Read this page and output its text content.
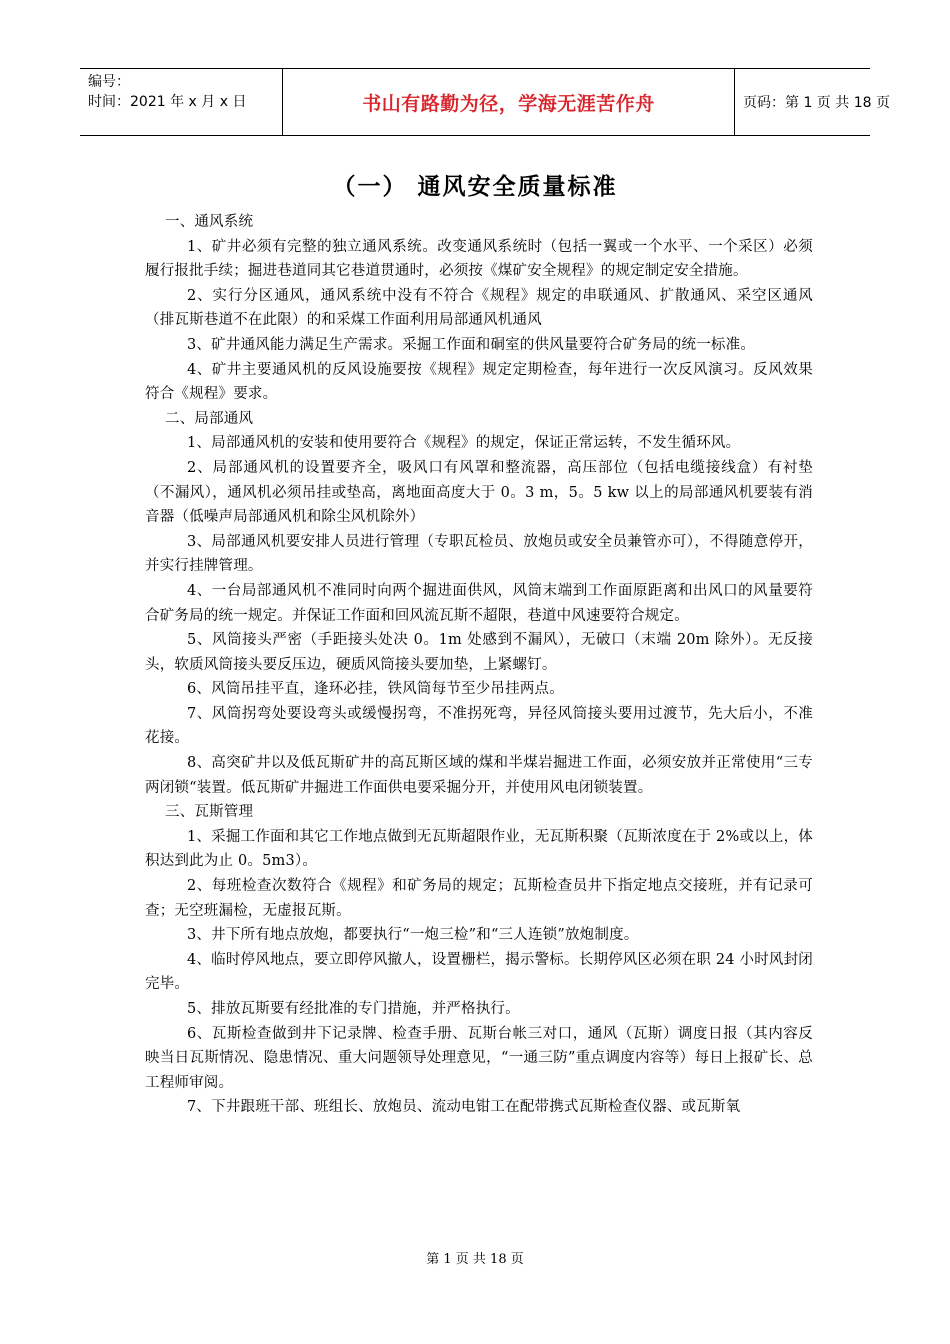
编号：
时间：2021 年 x 月 x 日	书山有路勤为径，学海无涯苦作舟	页码：第 1 页 共 18 页
（一） 通风安全质量标准

一、通风系统

1、矿井必须有完整的独立通风系统。改变通风系统时（包括一翼或一个水平、一个采区）必须履行报批手续；掘进巷道同其它巷道贯通时，必须按《煤矿安全规程》的规定制定安全措施。

2、实行分区通风，通风系统中没有不符合《规程》规定的串联通风、扩散通风、采空区通风（排瓦斯巷道不在此限）的和采煤工作面利用局部通风机通风

3、矿井通风能力满足生产需求。采掘工作面和硐室的供风量要符合矿务局的统一标准。

4、矿井主要通风机的反风设施要按《规程》规定定期检查，每年进行一次反风演习。反风效果符合《规程》要求。

二、局部通风

1、局部通风机的安装和使用要符合《规程》的规定，保证正常运转，不发生循环风。

2、局部通风机的设置要齐全，吸风口有风罩和整流器，高压部位（包括电缆接线盒）有衬垫（不漏风），通风机必须吊挂或垫高，离地面高度大于 0。3 m，5。5 kw 以上的局部通风机要装有消音器（低噪声局部通风机和除尘风机除外）

3、局部通风机要安排人员进行管理（专职瓦检员、放炮员或安全员兼管亦可），不得随意停开，并实行挂牌管理。

4、一台局部通风机不准同时向两个掘进面供风，风筒末端到工作面原距离和出风口的风量要符合矿务局的统一规定。并保证工作面和回风流瓦斯不超限，巷道中风速要符合规定。

5、风筒接头严密（手距接头处决 0。1m 处感到不漏风），无破口（末端 20m 除外）。无反接头，软质风筒接头要反压边，硬质风筒接头要加垫，上紧螺钉。

6、风筒吊挂平直，逢环必挂，铁风筒每节至少吊挂两点。

7、风筒拐弯处要设弯头或缓慢拐弯，不准拐死弯，异径风筒接头要用过渡节，先大后小，不准花接。

8、高突矿井以及低瓦斯矿井的高瓦斯区域的煤和半煤岩掘进工作面，必须安放并正常使用“三专两闭锁“装置。低瓦斯矿井掘进工作面供电要采掘分开，并使用风电闭锁装置。

三、瓦斯管理

1、采掘工作面和其它工作地点做到无瓦斯超限作业，无瓦斯积聚（瓦斯浓度在于 2%或以上，体积达到此为止 0。5m3）。

2、每班检查次数符合《规程》和矿务局的规定；瓦斯检查员井下指定地点交接班，并有记录可查；无空班漏检，无虚报瓦斯。

3、井下所有地点放炮，都要执行“一炮三检”和“三人连锁”放炮制度。

4、临时停风地点，要立即停风撤人，设置栅栏，揭示警标。长期停风区必须在职 24 小时风封闭完毕。

5、排放瓦斯要有经批准的专门措施，并严格执行。

6、瓦斯检查做到井下记录牌、检查手册、瓦斯台帐三对口，通风（瓦斯）调度日报（其内容反映当日瓦斯情况、隐患情况、重大问题领导处理意见，“一通三防”重点调度内容等）每日上报矿长、总工程师审阅。

7、下井跟班干部、班组长、放炮员、流动电钳工在配带携式瓦斯检查仪器、或瓦斯氧

第 1 页 共 18 页
